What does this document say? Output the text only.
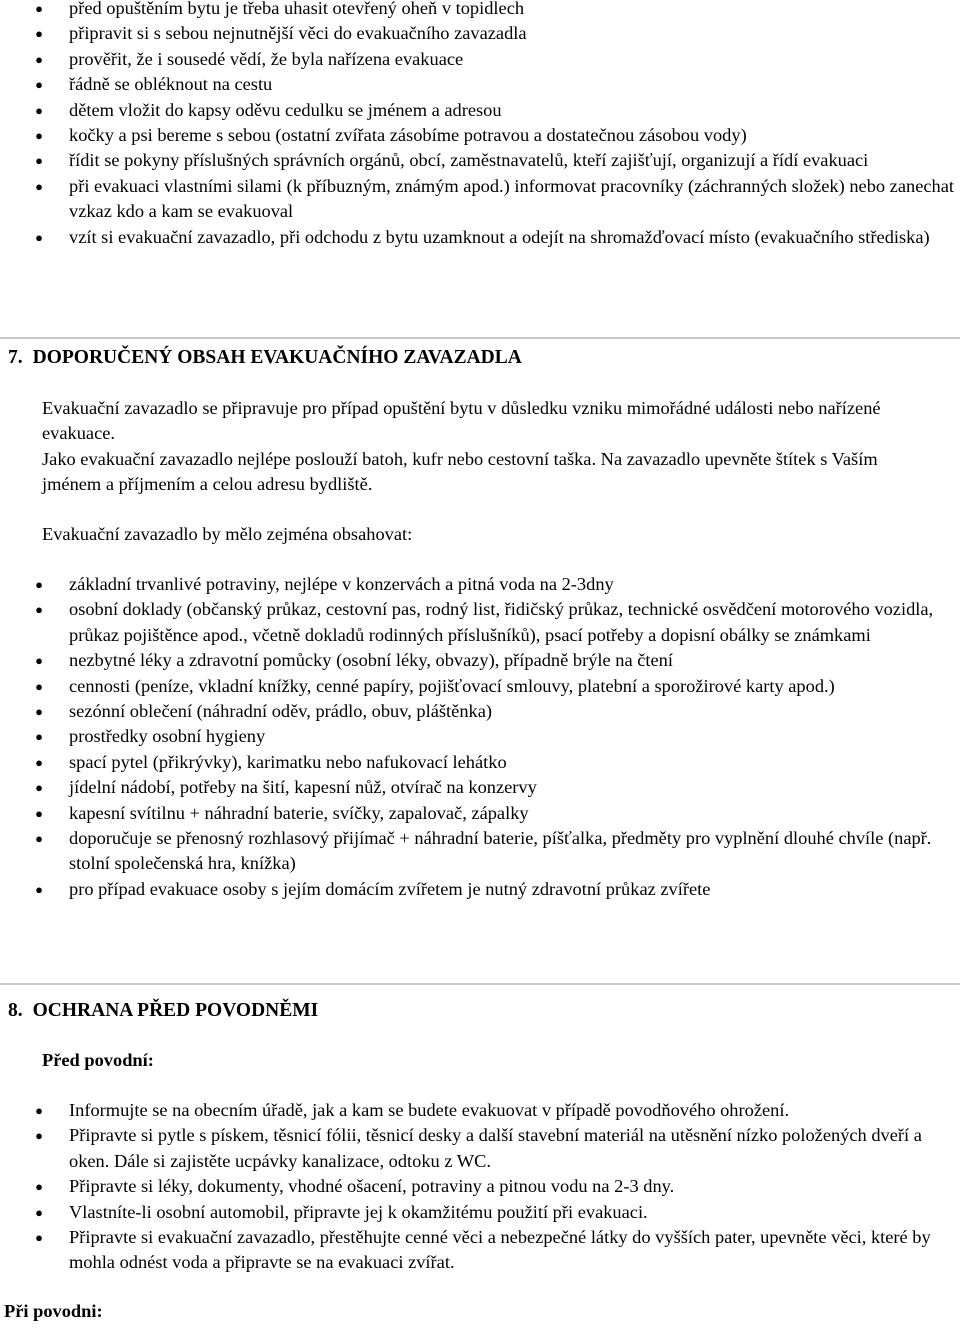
● před opuštěním bytu je třeba uhasit otevřený oheň v topidlech
● připravit si s sebou nejnutnější věci do evakuačního zavazadla
● prověřit, že i sousedé vědí, že byla nařízena evakuace
● řádně se obléknout na cestu
● dětem vložit do kapsy oděvu cedulku se jménem a adresou
● kočky a psi bereme s sebou (ostatní zvířata zásobíme potravou a dostatečnou zásobou vody)
● řídit se pokyny příslušných správních orgánů, obcí, zaměstnavatelů, kteří zajišťují, organizují a řídí evakuaci
● při evakuaci vlastními silami (k příbuzným, známým apod.) informovat pracovníky (záchranných složek) nebo zanechat vzkaz kdo a kam se evakuoval
● vzít si evakuační zavazadlo, při odchodu z bytu uzamknout a odejít na shromažďovací místo (evakuačního střediska)
7. DOPORUČENÝ OBSAH EVAKUAČNÍHO ZAVAZADLA
Evakuační zavazadlo se připravuje pro případ opuštění bytu v důsledku vzniku mimořádné události nebo nařízené evakuace.
Jako evakuační zavazadlo nejlépe poslouží batoh, kufr nebo cestovní taška. Na zavazadlo upevněte štítek s Vaším jménem a příjmením a celou adresu bydliště.
Evakuační zavazadlo by mělo zejména obsahovat:
● základní trvanlivé potraviny, nejlépe v konzervách a pitná voda na 2-3dny
● osobní doklady (občanský průkaz, cestovní pas, rodný list, řidičský průkaz, technické osvědčení motorového vozidla, průkaz pojištěnce apod., včetně dokladů rodinných příslušníků), psací potřeby a dopisní obálky se známkami
● nezbytné léky a zdravotní pomůcky (osobní léky, obvazy), případně brýle na čtení
● cennosti (peníze, vkladní knížky, cenné papíry, pojišťovací smlouvy, platební a sporožirové karty apod.)
● sezónní oblečení (náhradní oděv, prádlo, obuv, pláštěnka)
● prostředky osobní hygieny
● spací pytel (přikrývky), karimatku nebo nafukovací lehátko
● jídelní nádobí, potřeby na šití, kapesní nůž, otvírač na konzervy
● kapesní svítilnu + náhradní baterie, svíčky, zapalovač, zápalky
● doporučuje se přenosný rozhlasový přijímač + náhradní baterie, píšťalka, předměty pro vyplnění dlouhé chvíle (např. stolní společenská hra, knížka)
● pro případ evakuace osoby s jejím domácím zvířetem je nutný zdravotní průkaz zvířete
8. OCHRANA PŘED POVODNĚMI
Před povodní:
● Informujte se na obecním úřadě, jak a kam se budete evakuovat v případě povodňového ohrožení.
● Připravte si pytle s pískem, těsnicí fólii, těsnicí desky a další stavební materiál na utěsnění nízko položených dveří a oken. Dále si zajistěte ucpávky kanalizace, odtoku z WC.
● Připravte si léky, dokumenty, vhodné ošacení, potraviny a pitnou vodu na 2-3 dny.
● Vlastníte-li osobní automobil, připravte jej k okamžitému použití při evakuaci.
● Připravte si evakuační zavazadlo, přestěhujte cenné věci a nebezpečné látky do vyšších pater, upevněte věci, které by mohla odnést voda a připravte se na evakuaci zvířat.
Při povodni:
